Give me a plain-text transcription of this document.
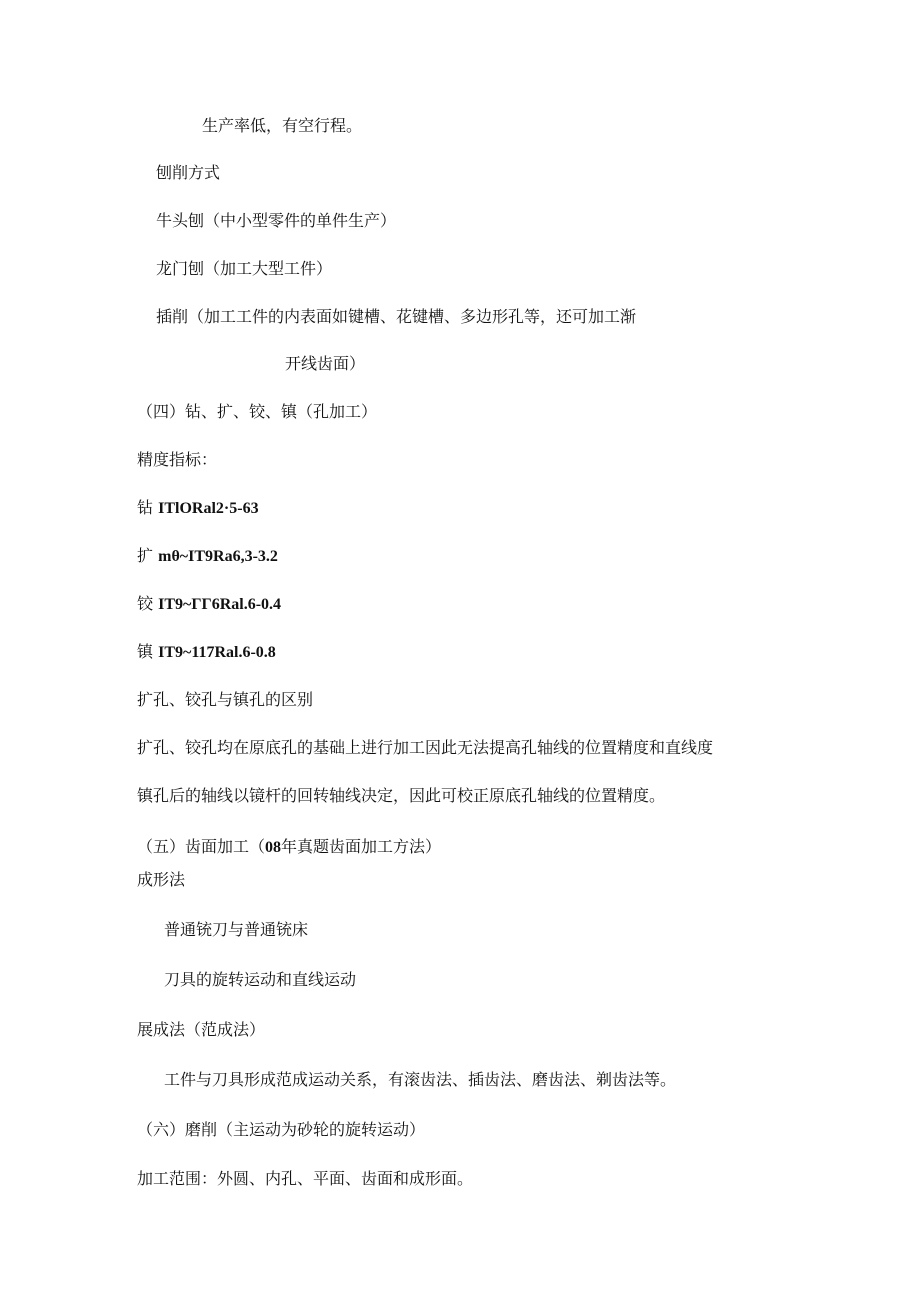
生产率低，有空行程。
刨削方式
牛头刨（中小型零件的单件生产）
龙门刨（加工大型工件）
插削（加工工件的内表面如键槽、花键槽、多边形孔等，还可加工渐
开线齿面）
（四）钻、扩、铰、镇（孔加工）
精度指标：
钻 ITlORal2·5-63
扩 mθ~IT9Ra6,3-3.2
铰 IT9~ГГ6Ral.6-0.4
镇 IT9~117Ral.6-0.8
扩孔、铰孔与镇孔的区别
扩孔、铰孔均在原底孔的基础上进行加工因此无法提高孔轴线的位置精度和直线度
镇孔后的轴线以镜杆的回转轴线决定，因此可校正原底孔轴线的位置精度。
（五）齿面加工（08年真题齿面加工方法）
成形法
普通铳刀与普通铳床
刀具的旋转运动和直线运动
展成法（范成法）
工件与刀具形成范成运动关系，有滚齿法、插齿法、磨齿法、剃齿法等。
（六）磨削（主运动为砂轮的旋转运动）
加工范围：外圆、内孔、平面、齿面和成形面。
